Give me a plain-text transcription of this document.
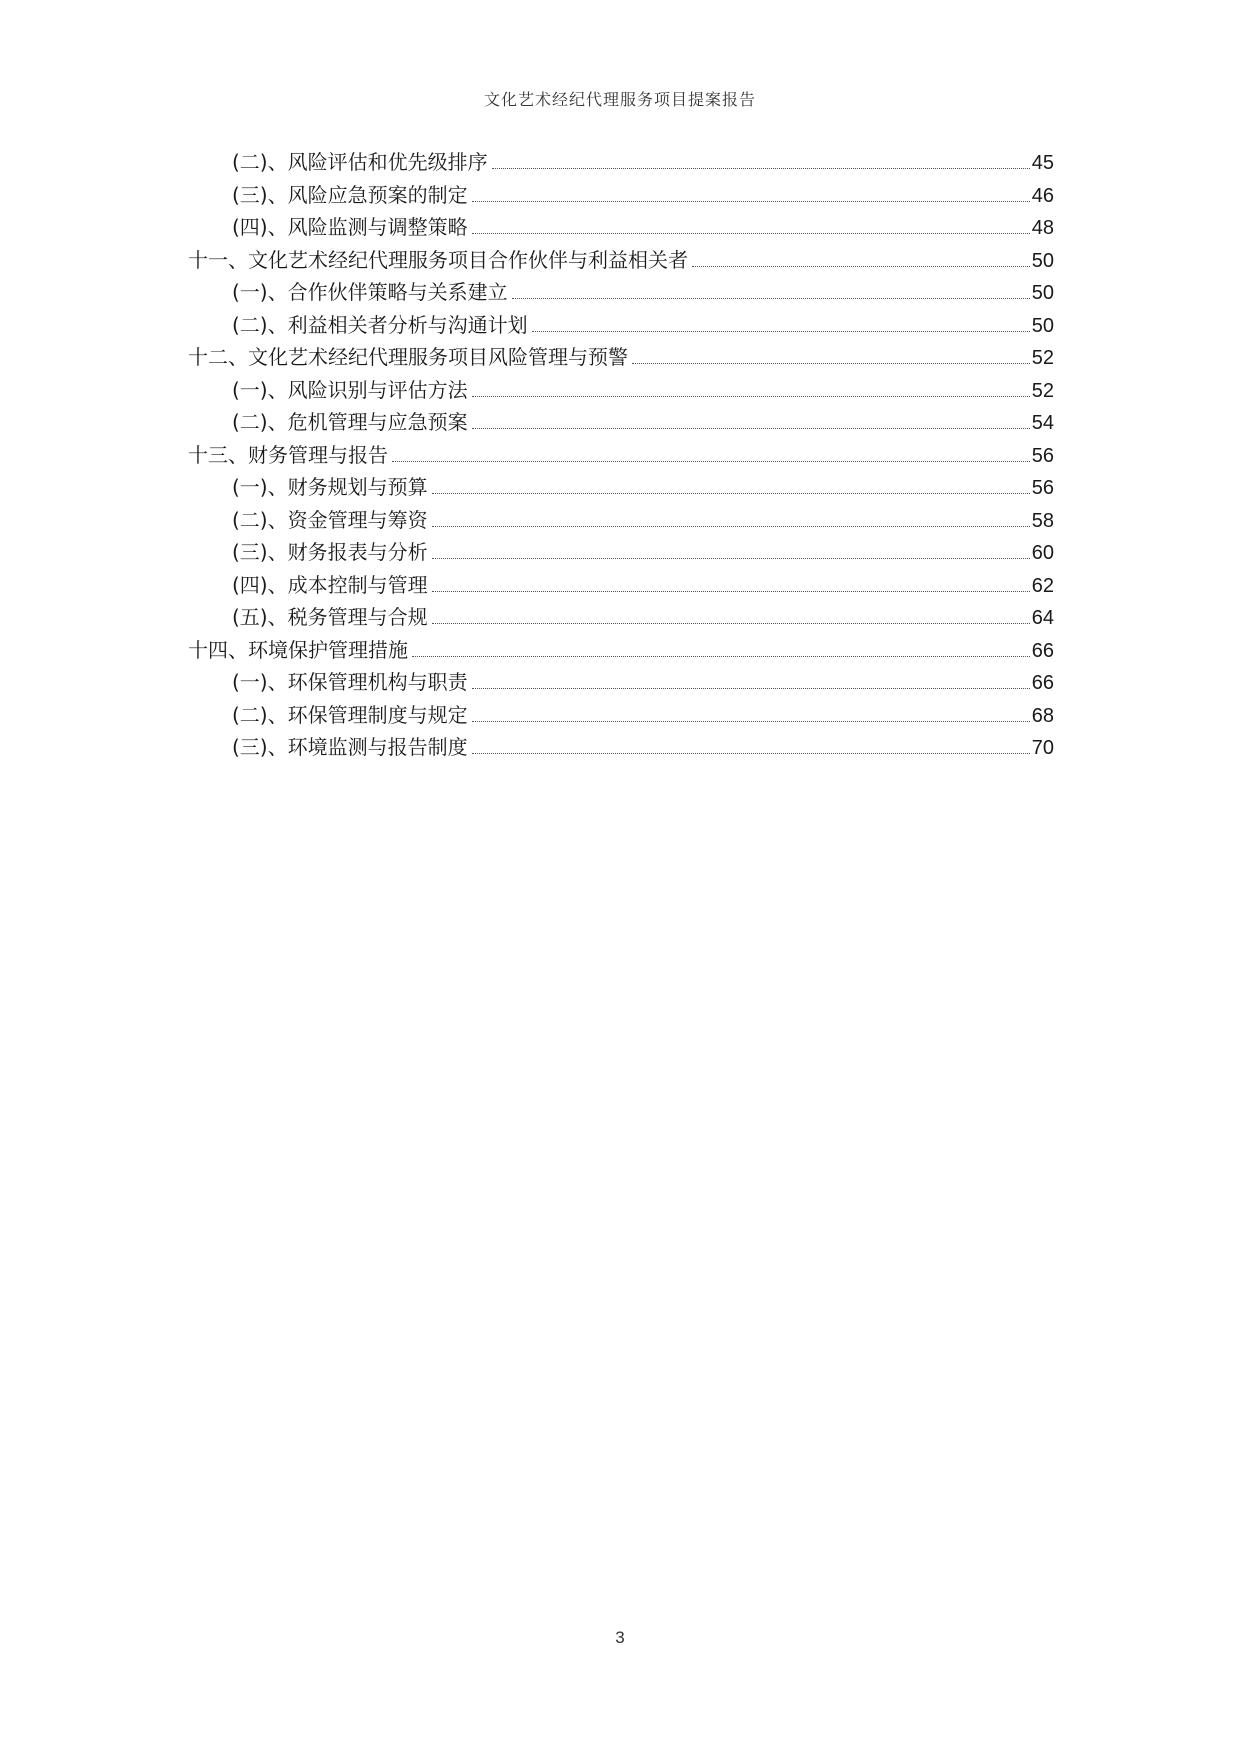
文化艺术经纪代理服务项目提案报告
(二)、风险评估和优先级排序	45
(三)、风险应急预案的制定	46
(四)、风险监测与调整策略	48
十一、文化艺术经纪代理服务项目合作伙伴与利益相关者	50
(一)、合作伙伴策略与关系建立	50
(二)、利益相关者分析与沟通计划	50
十二、文化艺术经纪代理服务项目风险管理与预警	52
(一)、风险识别与评估方法	52
(二)、危机管理与应急预案	54
十三、财务管理与报告	56
(一)、财务规划与预算	56
(二)、资金管理与筹资	58
(三)、财务报表与分析	60
(四)、成本控制与管理	62
(五)、税务管理与合规	64
十四、环境保护管理措施	66
(一)、环保管理机构与职责	66
(二)、环保管理制度与规定	68
(三)、环境监测与报告制度	70
3
